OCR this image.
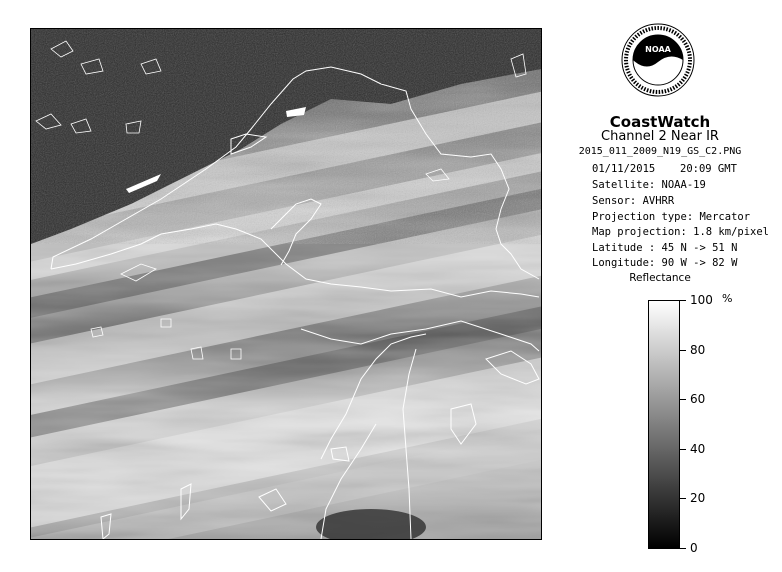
NOAA
CoastWatch
Channel 2 Near IR
2015_011_2009_N19_GS_C2.PNG
01/11/2015 20:09 GMT
Satellite: NOAA-19
Sensor: AVHRR
Projection type: Mercator
Map projection: 1.8 km/pixel
Latitude : 45 N -> 51 N
Longitude: 90 W -> 82 W
Reflectance
%
100
80
60
40
20
0
